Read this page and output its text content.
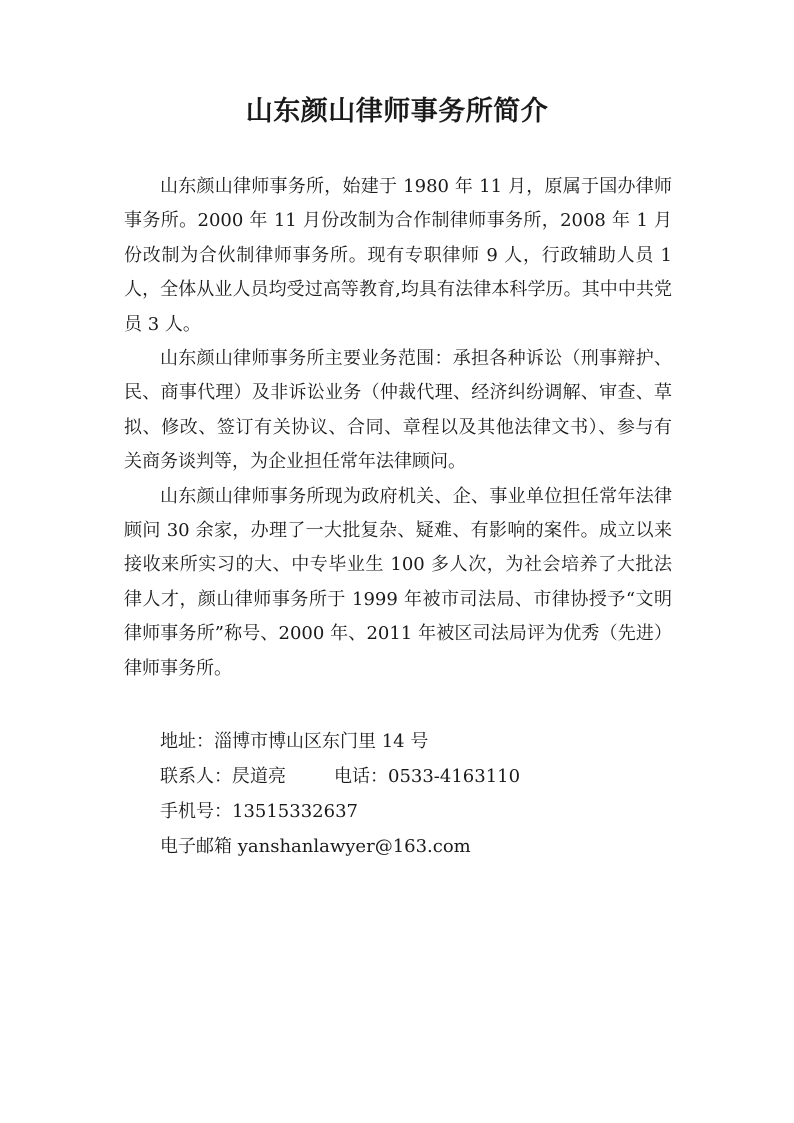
山东颜山律师事务所简介

山东颜山律师事务所，始建于 1980 年 11 月，原属于国办律师事务所。2000 年 11 月份改制为合作制律师事务所，2008 年 1 月份改制为合伙制律师事务所。现有专职律师 9 人，行政辅助人员 1 人，全体从业人员均受过高等教育,均具有法律本科学历。其中中共党员 3 人。

山东颜山律师事务所主要业务范围：承担各种诉讼（刑事辩护、民、商事代理）及非诉讼业务（仲裁代理、经济纠纷调解、审查、草拟、修改、签订有关协议、合同、章程以及其他法律文书）、参与有关商务谈判等，为企业担任常年法律顾问。

山东颜山律师事务所现为政府机关、企、事业单位担任常年法律顾问 30 余家，办理了一大批复杂、疑难、有影响的案件。成立以来接收来所实习的大、中专毕业生 100 多人次，为社会培养了大批法律人才，颜山律师事务所于 1999 年被市司法局、市律协授予“文明律师事务所”称号、2000 年、2011 年被区司法局评为优秀（先进）律师事务所。

地址：淄博市博山区东门里 14 号
联系人：昃道亮	电话：0533-4163110
手机号：13515332637
电子邮箱 yanshanlawyer@163.com
